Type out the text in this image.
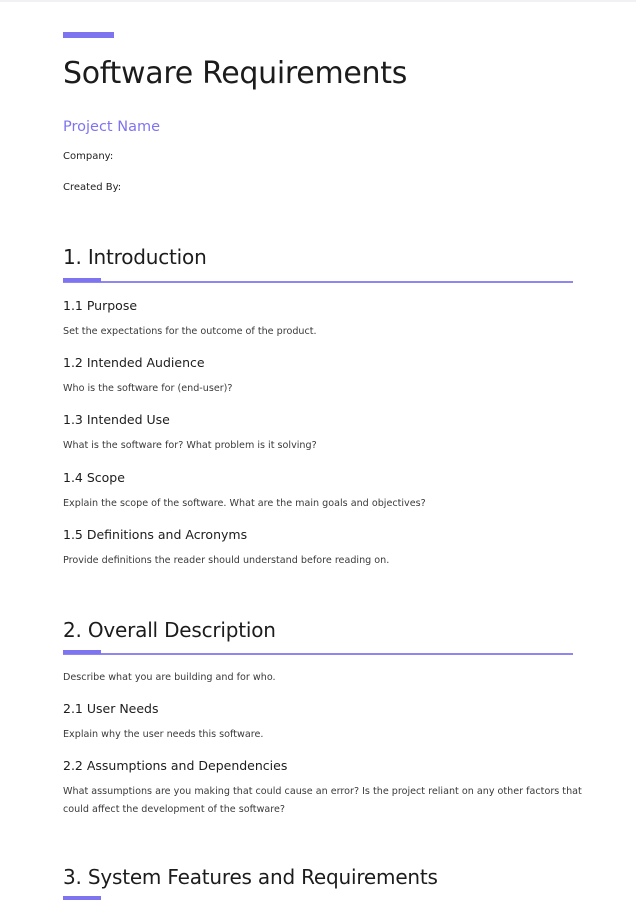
Software Requirements
Project Name

Company:

Created By:

1. Introduction
1.1 Purpose

Set the expectations for the outcome of the product.

1.2 Intended Audience

Who is the software for (end-user)?

1.3 Intended Use

What is the software for? What problem is it solving?

1.4 Scope

Explain the scope of the software. What are the main goals and objectives?

1.5 Definitions and Acronyms

Provide definitions the reader should understand before reading on.

2. Overall Description

Describe what you are building and for who.

2.1 User Needs

Explain why the user needs this software.

2.2 Assumptions and Dependencies

What assumptions are you making that could cause an error? Is the project reliant on any other factors that could affect the development of the software?

3. System Features and Requirements
